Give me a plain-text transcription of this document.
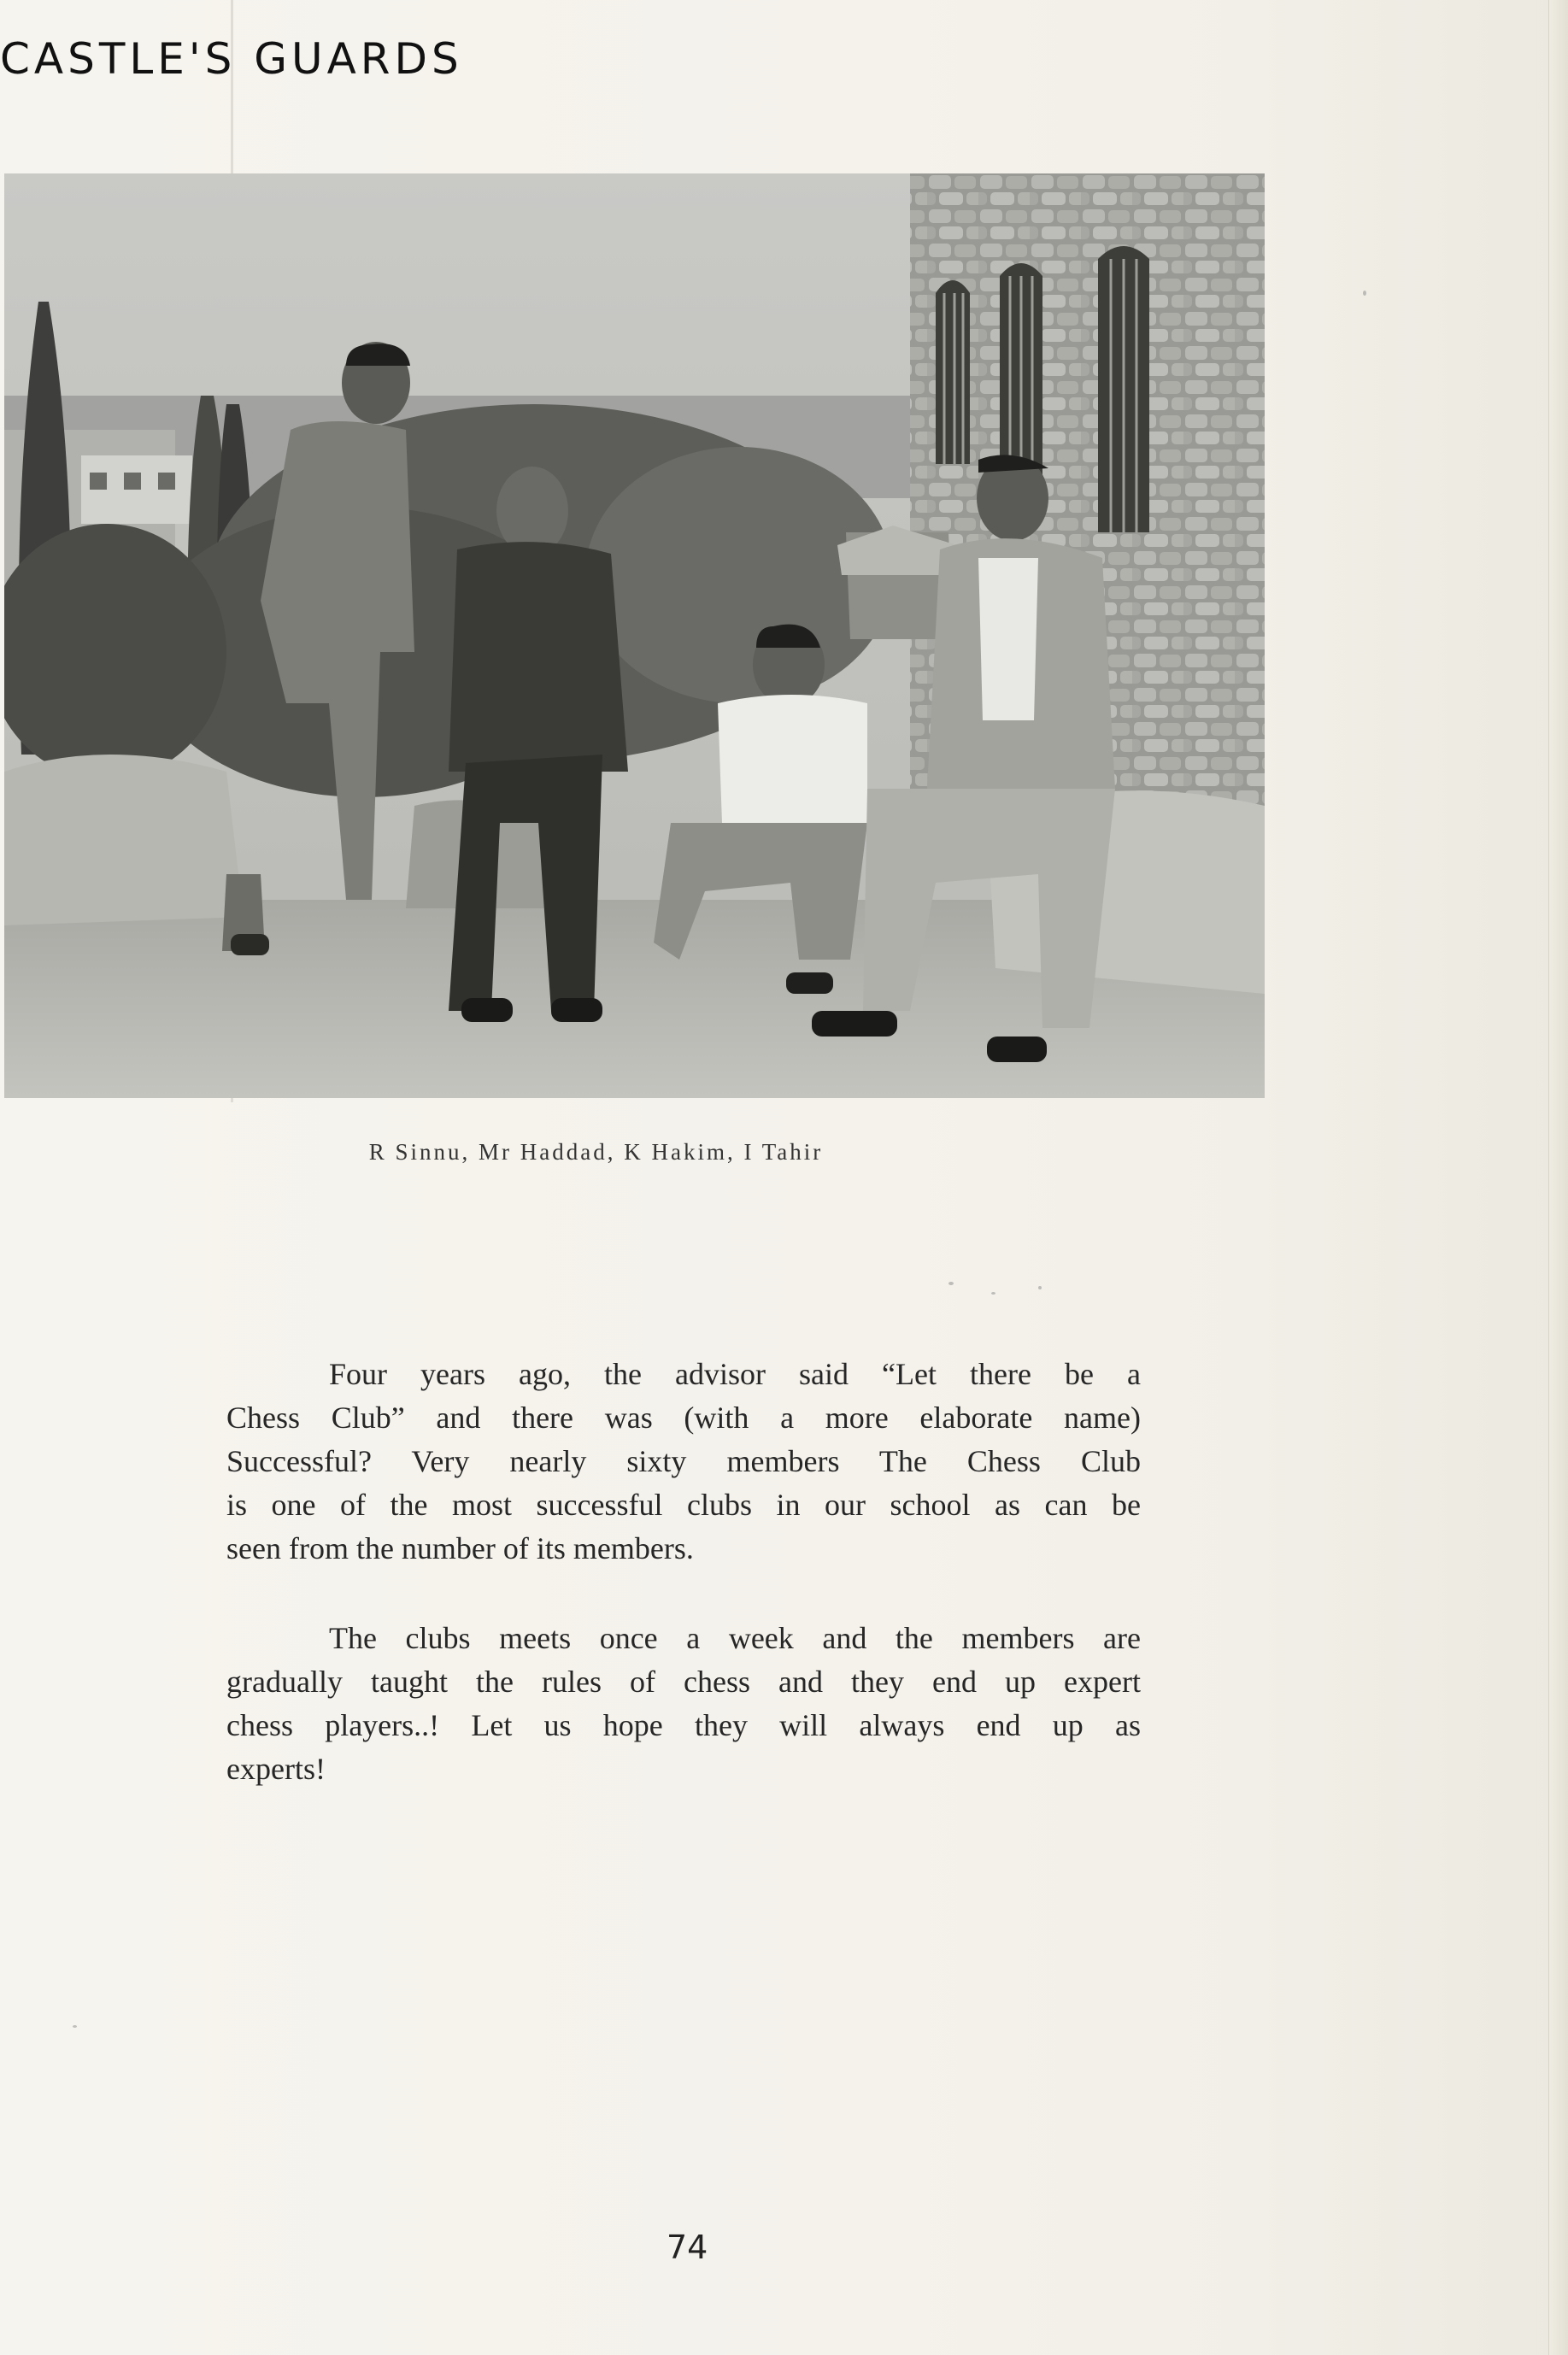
CASTLE'S GUARDS
R Sinnu, Mr Haddad, K Hakim, I Tahir
Four years ago, the advisor said “Let there be a
Chess Club” and there was (with a more elaborate name)
Successful? Very nearly sixty members The Chess Club
is one of the most successful clubs in our school as can be
seen from the number of its members.
The clubs meets once a week and the members are
gradually taught the rules of chess and they end up expert
chess players..! Let us hope they will always end up as
experts!
74
